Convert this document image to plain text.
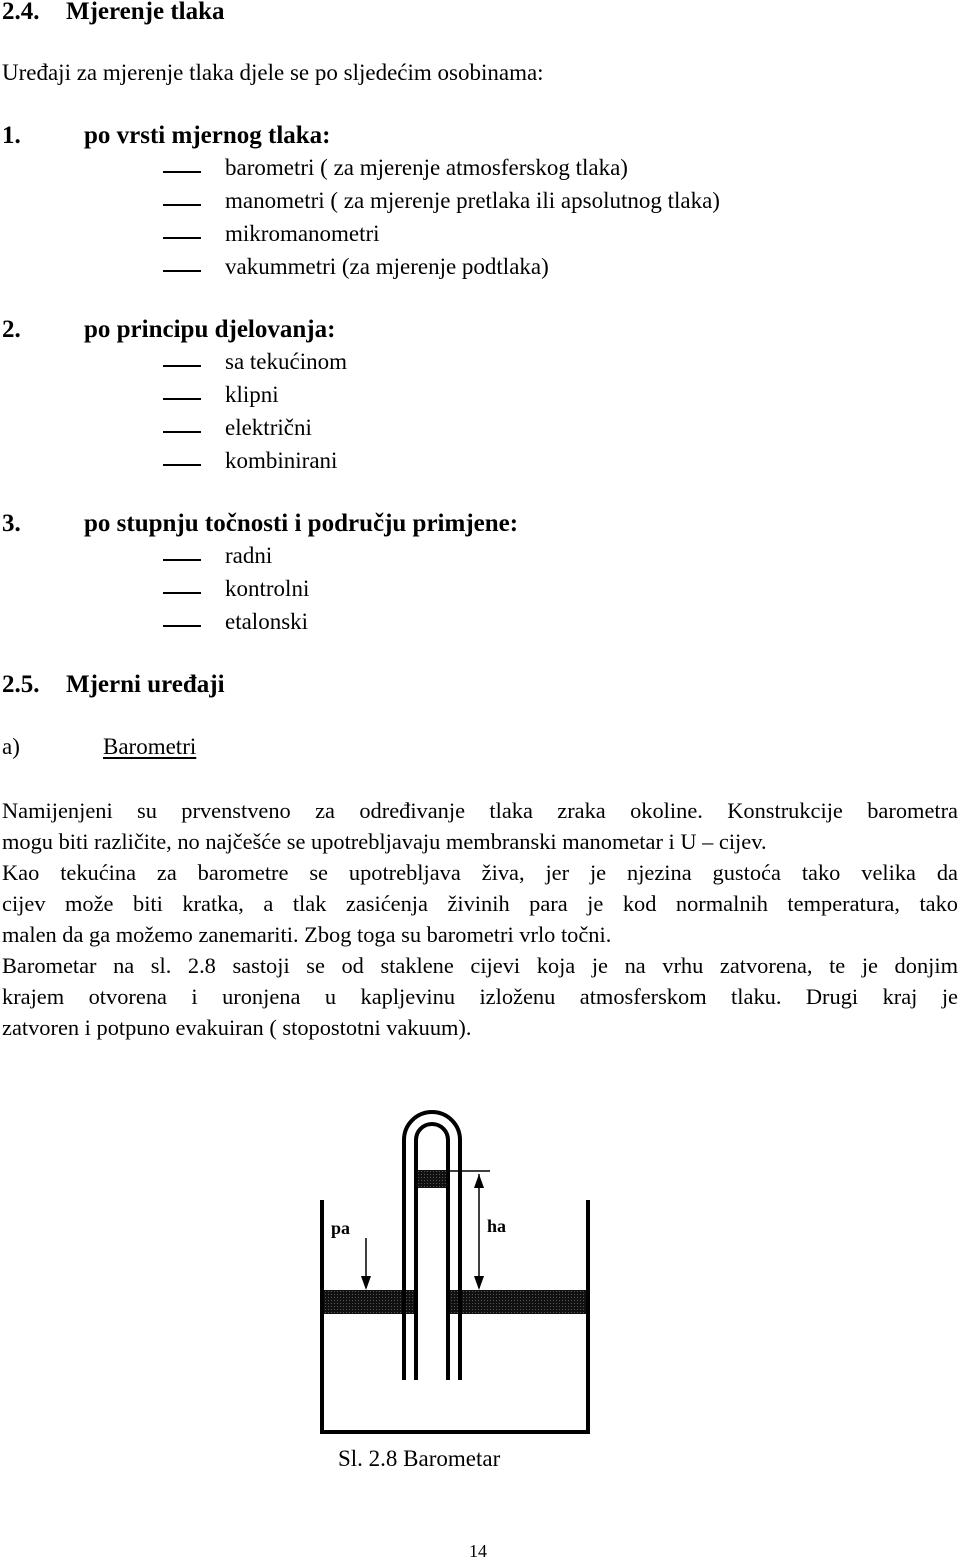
2.4. Mjerenje tlaka
Uređaji za mjerenje tlaka djele se po sljedećim osobinama:
1.	po vrsti mjernog tlaka:
barometri ( za mjerenje atmosferskog tlaka)
manometri ( za mjerenje pretlaka ili apsolutnog tlaka)
mikromanometri
vakummetri (za mjerenje podtlaka)
2.	po principu djelovanja:
sa tekućinom
klipni
električni
kombinirani
3.	po stupnju točnosti i području primjene:
radni
kontrolni
etalonski
2.5. Mjerni uređaji
a)	Barometri
Namijenjeni su prvenstveno za određivanje tlaka zraka okoline. Konstrukcije barometra
mogu biti različite, no najčešće se upotrebljavaju membranski manometar i U – cijev.
Kao tekućina za barometre se upotrebljava živa, jer je njezina gustoća tako velika da
cijev može biti kratka, a tlak zasićenja živinih para je kod normalnih temperatura, tako
malen da ga možemo zanemariti. Zbog toga su barometri vrlo točni.
Barometar na sl. 2.8 sastoji se od staklene cijevi koja je na vrhu zatvorena, te je donjim
krajem otvorena i uronjena u kapljevinu izloženu atmosferskom tlaku. Drugi kraj je
zatvoren i potpuno evakuiran ( stopostotni vakuum).
pa	ha
Sl. 2.8 Barometar
14
